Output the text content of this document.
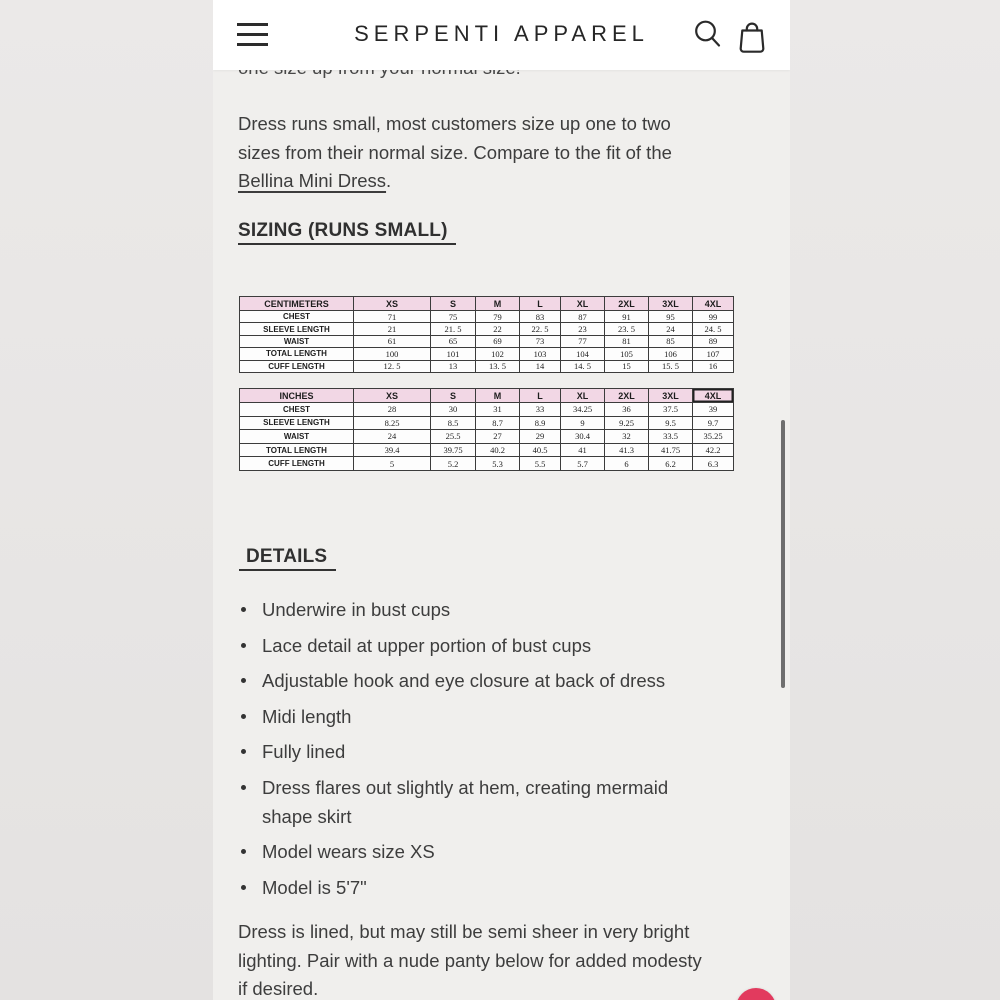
Dress runs small, most customers size up one to two sizes from their normal size. Compare to the fit of the Bellina Mini Dress.

SIZING (RUNS SMALL)
CENTIMETERS	XS	S	M	L	XL	2XL	3XL	4XL
CHEST	71	75	79	83	87	91	95	99
SLEEVE LENGTH	21	21. 5	22	22. 5	23	23. 5	24	24. 5
WAIST	61	65	69	73	77	81	85	89
TOTAL LENGTH	100	101	102	103	104	105	106	107
CUFF LENGTH	12. 5	13	13. 5	14	14. 5	15	15. 5	16
INCHES	XS	S	M	L	XL	2XL	3XL	4XL
CHEST	28	30	31	33	34.25	36	37.5	39
SLEEVE LENGTH	8.25	8.5	8.7	8.9	9	9.25	9.5	9.7
WAIST	24	25.5	27	29	30.4	32	33.5	35.25
TOTAL LENGTH	39.4	39.75	40.2	40.5	41	41.3	41.75	42.2
CUFF LENGTH	5	5.2	5.3	5.5	5.7	6	6.2	6.3
DETAILS
Underwire in bust cups
Lace detail at upper portion of bust cups
Adjustable hook and eye closure at back of dress
Midi length
Fully lined
Dress flares out slightly at hem, creating mermaid shape skirt
Model wears size XS
Model is 5'7"

Dress is lined, but may still be semi sheer in very bright lighting. Pair with a nude panty below for added modesty if desired.

SERPENTI APPAREL
